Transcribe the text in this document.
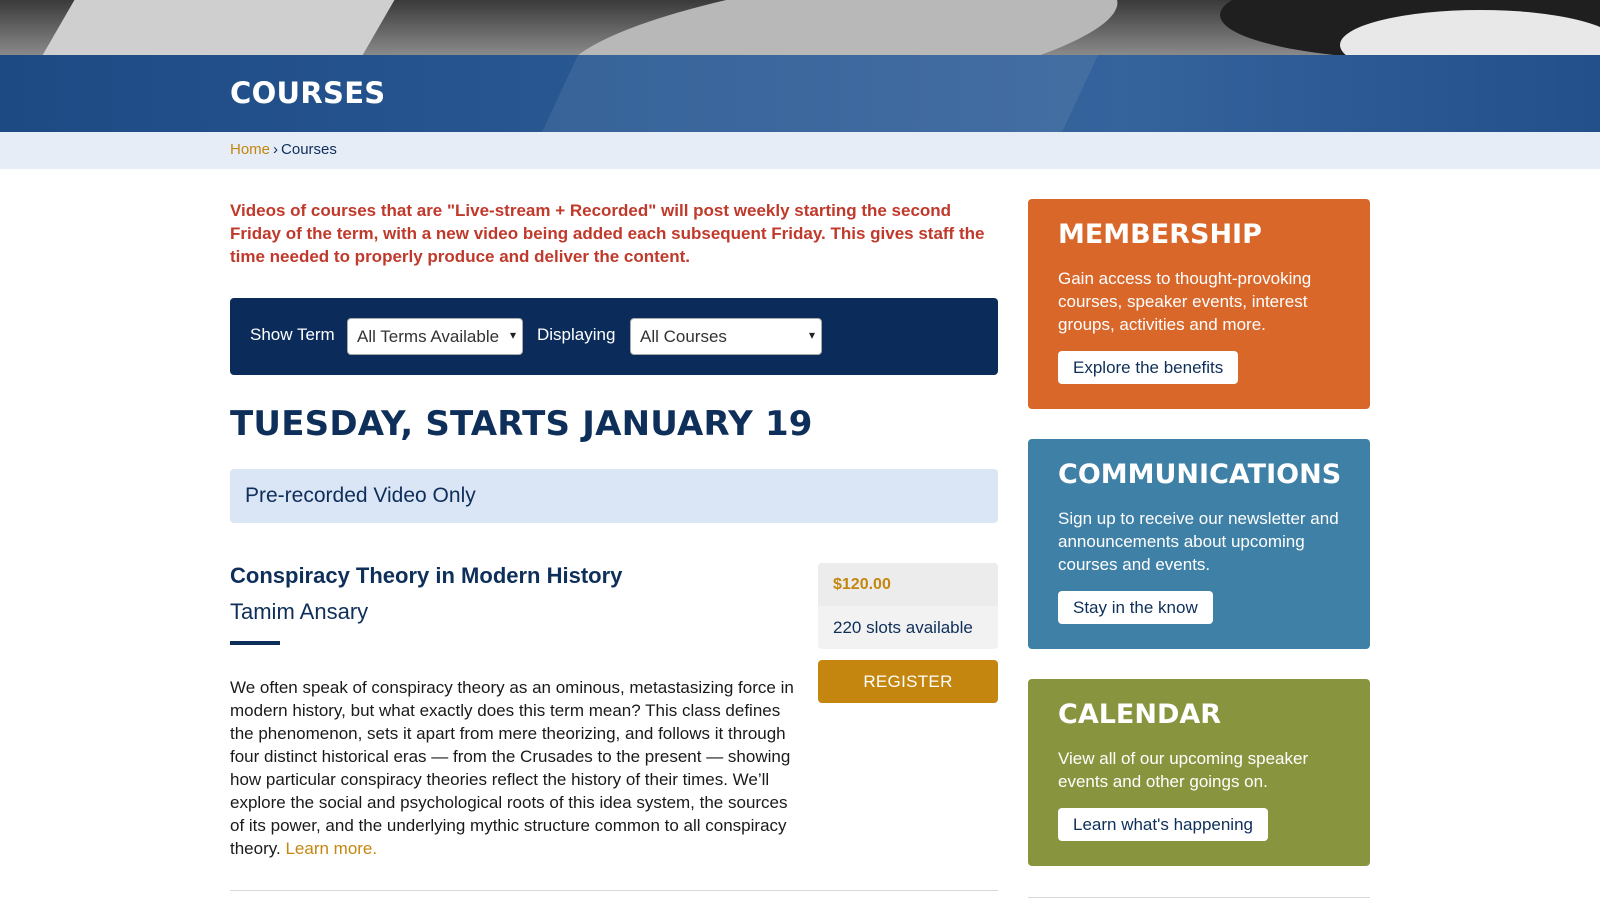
COURSES
Home › Courses

Videos of courses that are "Live-stream + Recorded" will post weekly starting the second Friday of the term, with a new video being added each subsequent Friday. This gives staff the time needed to properly produce and deliver the content.

Show Term	All Terms Available ▾ Displaying	All Courses	▾
TUESDAY, STARTS JANUARY 19
Pre-recorded Video Only
Conspiracy Theory in Modern History
Tamim Ansary

We often speak of conspiracy theory as an ominous, metastasizing force in modern history, but what exactly does this term mean? This class defines the phenomenon, sets it apart from mere theorizing, and follows it through four distinct historical eras — from the Crusades to the present — showing how particular conspiracy theories reflect the history of their times. We’ll explore the social and psychological roots of this idea system, the sources of its power, and the underlying mythic structure common to all conspiracy theory. Learn more.

$120.00
220 slots available
REGISTER
MEMBERSHIP
Gain access to thought-provoking courses, speaker events, interest groups, activities and more.
Explore the benefits
COMMUNICATIONS
Sign up to receive our newsletter and announcements about upcoming courses and events.
Stay in the know
CALENDAR
View all of our upcoming speaker events and other goings on.
Learn what's happening
